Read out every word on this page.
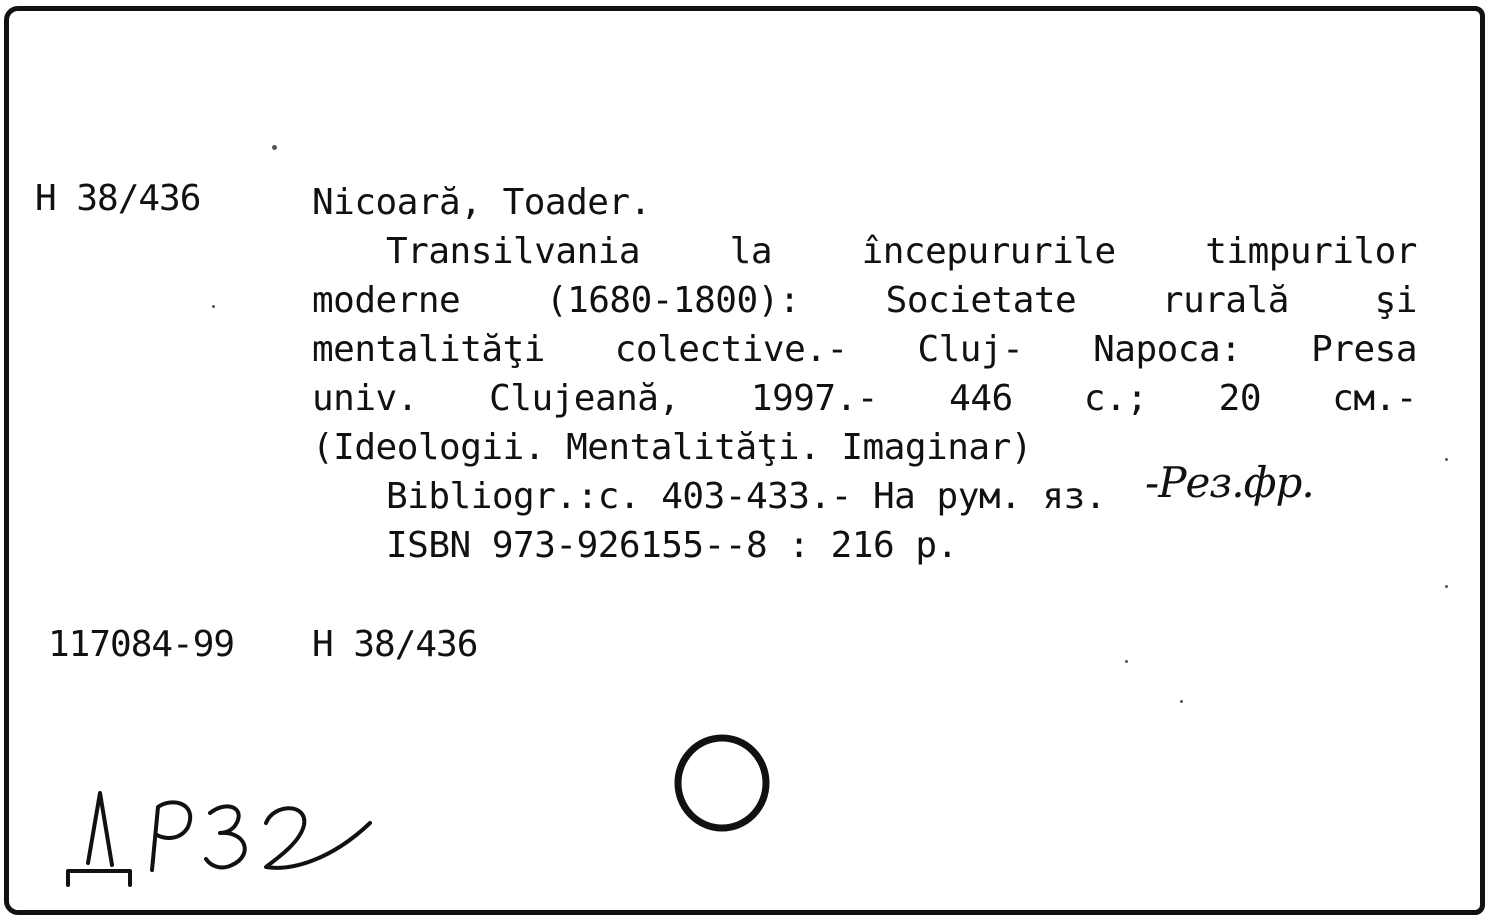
Н 38/436	Nicoară, Toader.
Transilvania la începururile timpurilor
moderne (1680-1800): Societate rurală şi
mentalităţi colective.- Cluj- Napoca: Presa
univ. Clujeană, 1997.- 446 с.; 20 см.-
(Ideologii. Mentalităţi. Imaginar)
Bibliogr.:с. 403-433.- На рум. яз.
ISBN 973-926155--8 : 216 р.
-Рез.фр.
117084-99 Н 38/436
